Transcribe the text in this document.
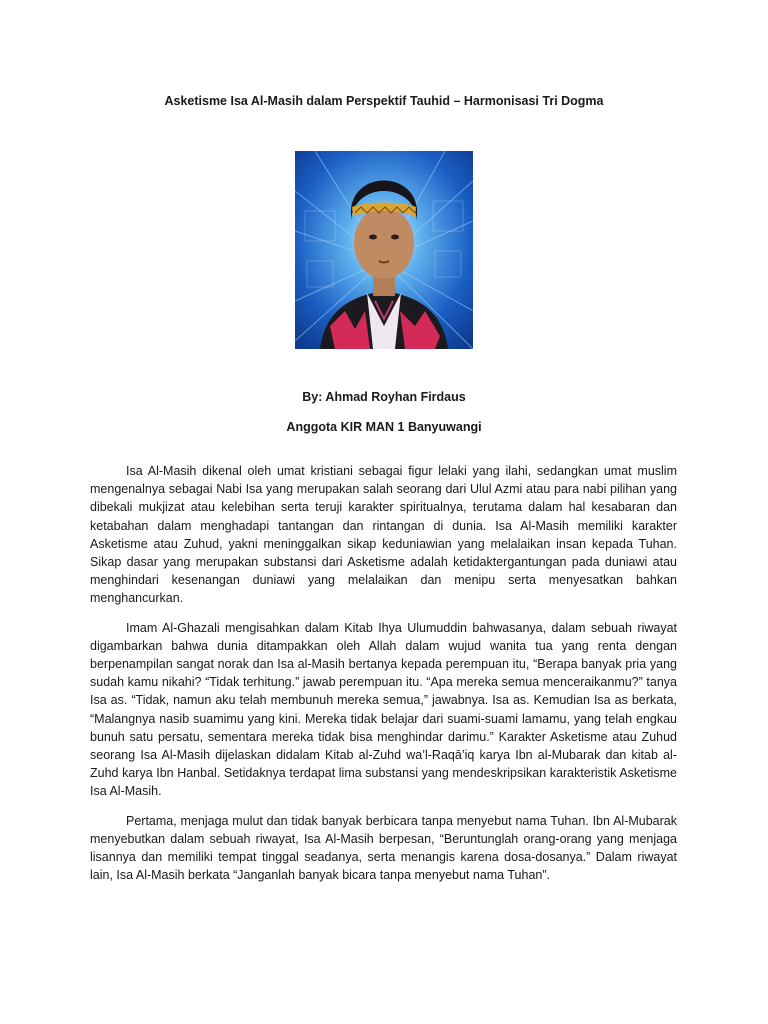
Asketisme Isa Al-Masih dalam Perspektif Tauhid – Harmonisasi Tri Dogma
By: Ahmad Royhan Firdaus
Anggota KIR MAN 1 Banyuwangi

Isa Al-Masih dikenal oleh umat kristiani sebagai figur lelaki yang ilahi, sedangkan umat muslim mengenalnya sebagai Nabi Isa yang merupakan salah seorang dari Ulul Azmi atau para nabi pilihan yang dibekali mukjizat atau kelebihan serta teruji karakter spiritualnya, terutama dalam hal kesabaran dan ketabahan dalam menghadapi tantangan dan rintangan di dunia. Isa Al-Masih memiliki karakter Asketisme atau Zuhud, yakni meninggalkan sikap keduniawian yang melalaikan insan kepada Tuhan. Sikap dasar yang merupakan substansi dari Asketisme adalah ketidaktergantungan pada duniawi atau menghindari kesenangan duniawi yang melalaikan dan menipu serta menyesatkan bahkan menghancurkan.

Imam Al-Ghazali mengisahkan dalam Kitab Ihya Ulumuddin bahwasanya, dalam sebuah riwayat digambarkan bahwa dunia ditampakkan oleh Allah dalam wujud wanita tua yang renta dengan berpenampilan sangat norak dan Isa al-Masih bertanya kepada perempuan itu, “Berapa banyak pria yang sudah kamu nikahi? “Tidak terhitung.” jawab perempuan itu. “Apa mereka semua menceraikanmu?” tanya Isa as. “Tidak, namun aku telah membunuh mereka semua,” jawabnya. Isa as. Kemudian Isa as berkata, “Malangnya nasib suamimu yang kini. Mereka tidak belajar dari suami-suami lamamu, yang telah engkau bunuh satu persatu, sementara mereka tidak bisa menghindar darimu.” Karakter Asketisme atau Zuhud seorang Isa Al-Masih dijelaskan didalam Kitab al-Zuhd wa’l-Raqā’iq karya Ibn al-Mubarak dan kitab al-Zuhd karya Ibn Hanbal. Setidaknya terdapat lima substansi yang mendeskripsikan karakteristik Asketisme Isa Al-Masih.

Pertama, menjaga mulut dan tidak banyak berbicara tanpa menyebut nama Tuhan. Ibn Al-Mubarak menyebutkan dalam sebuah riwayat, Isa Al-Masih berpesan, “Beruntunglah orang-orang yang menjaga lisannya dan memiliki tempat tinggal seadanya, serta menangis karena dosa-dosanya.” Dalam riwayat lain, Isa Al-Masih berkata “Janganlah banyak bicara tanpa menyebut nama Tuhan”.
